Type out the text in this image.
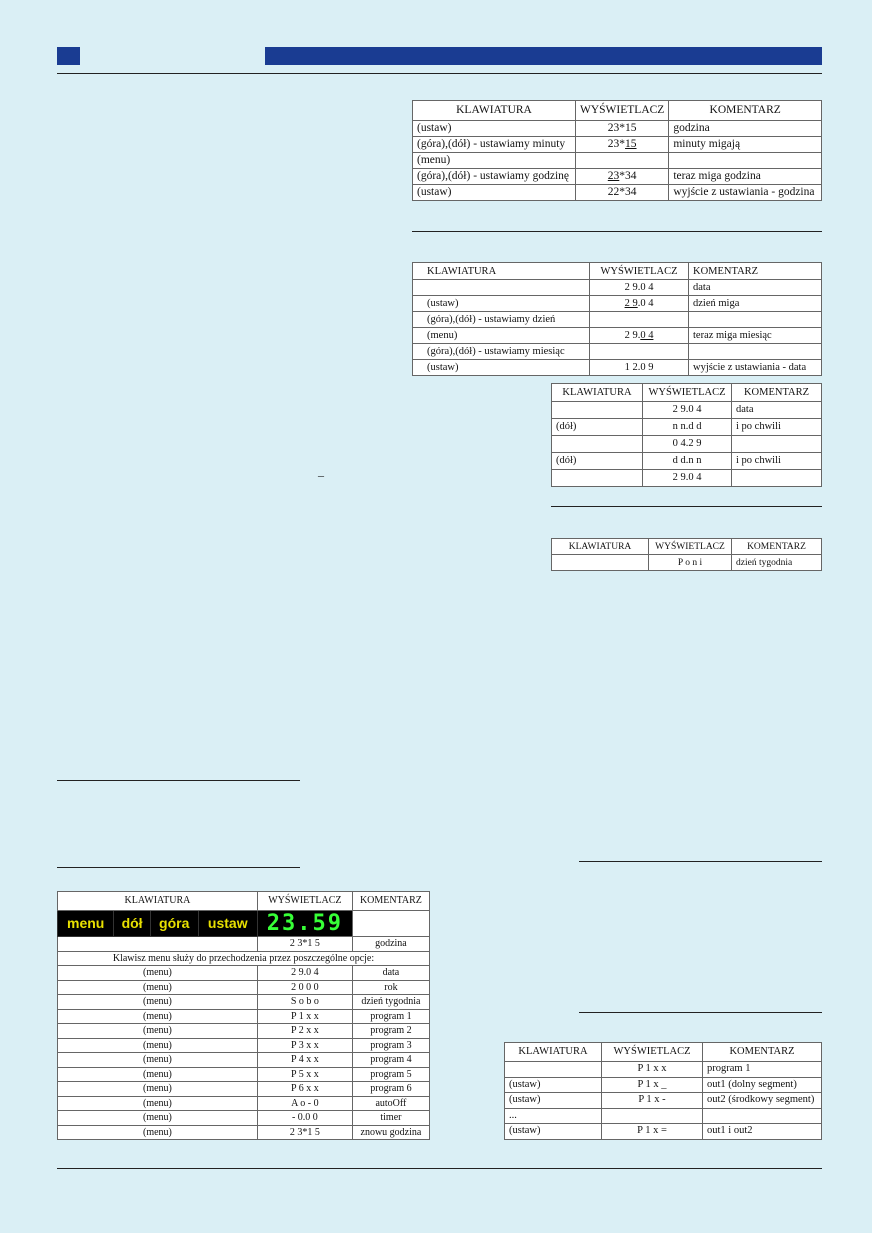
KLAWIATURA	WYŚWIETLACZ	KOMENTARZ
(ustaw)	23*15	godzina
(góra),(dół) - ustawiamy minuty	23*15	minuty migają
(menu)		
(góra),(dół) - ustawiamy godzinę	23*34	teraz miga godzina
(ustaw)	22*34	wyjście z ustawiania - godzina
KLAWIATURA	WYŚWIETLACZ	KOMENTARZ
	2 9.0 4	data
(ustaw)	2 9.0 4	dzień miga
(góra),(dół) - ustawiamy dzień		
(menu)	2 9.0 4	teraz miga miesiąc
(góra),(dół) - ustawiamy miesiąc		
(ustaw)	1 2.0 9	wyjście z ustawiania - data
KLAWIATURA	WYŚWIETLACZ	KOMENTARZ
	2 9.0 4	data
(dół)	n n.d d	i po chwili
	0 4.2 9	
(dół)	d d.n n	i po chwili
	2 9.0 4	
_
KLAWIATURA	WYŚWIETLACZ	KOMENTARZ
	P o n i	dzień tygodnia
KLAWIATURA				WYŚWIETLACZ	KOMENTARZ
menu	dół	góra	ustaw	23.59	
				2 3*1 5	godzina
Klawisz menu służy do przechodzenia przez poszczególne opcje:					
(menu)				2 9.0 4	data
(menu)				2 0 0 0	rok
(menu)				S o b o	dzień tygodnia
(menu)				P 1 x x	program 1
(menu)				P 2 x x	program 2
(menu)				P 3 x x	program 3
(menu)				P 4 x x	program 4
(menu)				P 5 x x	program 5
(menu)				P 6 x x	program 6
(menu)				A o - 0	autoOff
(menu)				- 0.0 0	timer
(menu)				2 3*1 5	znowu godzina
KLAWIATURA	WYŚWIETLACZ	KOMENTARZ
	P 1 x x	program 1
(ustaw)	P 1 x _	out1 (dolny segment)
(ustaw)	P 1 x -	out2 (środkowy segment)
...		
(ustaw)	P 1 x =	out1 i out2
